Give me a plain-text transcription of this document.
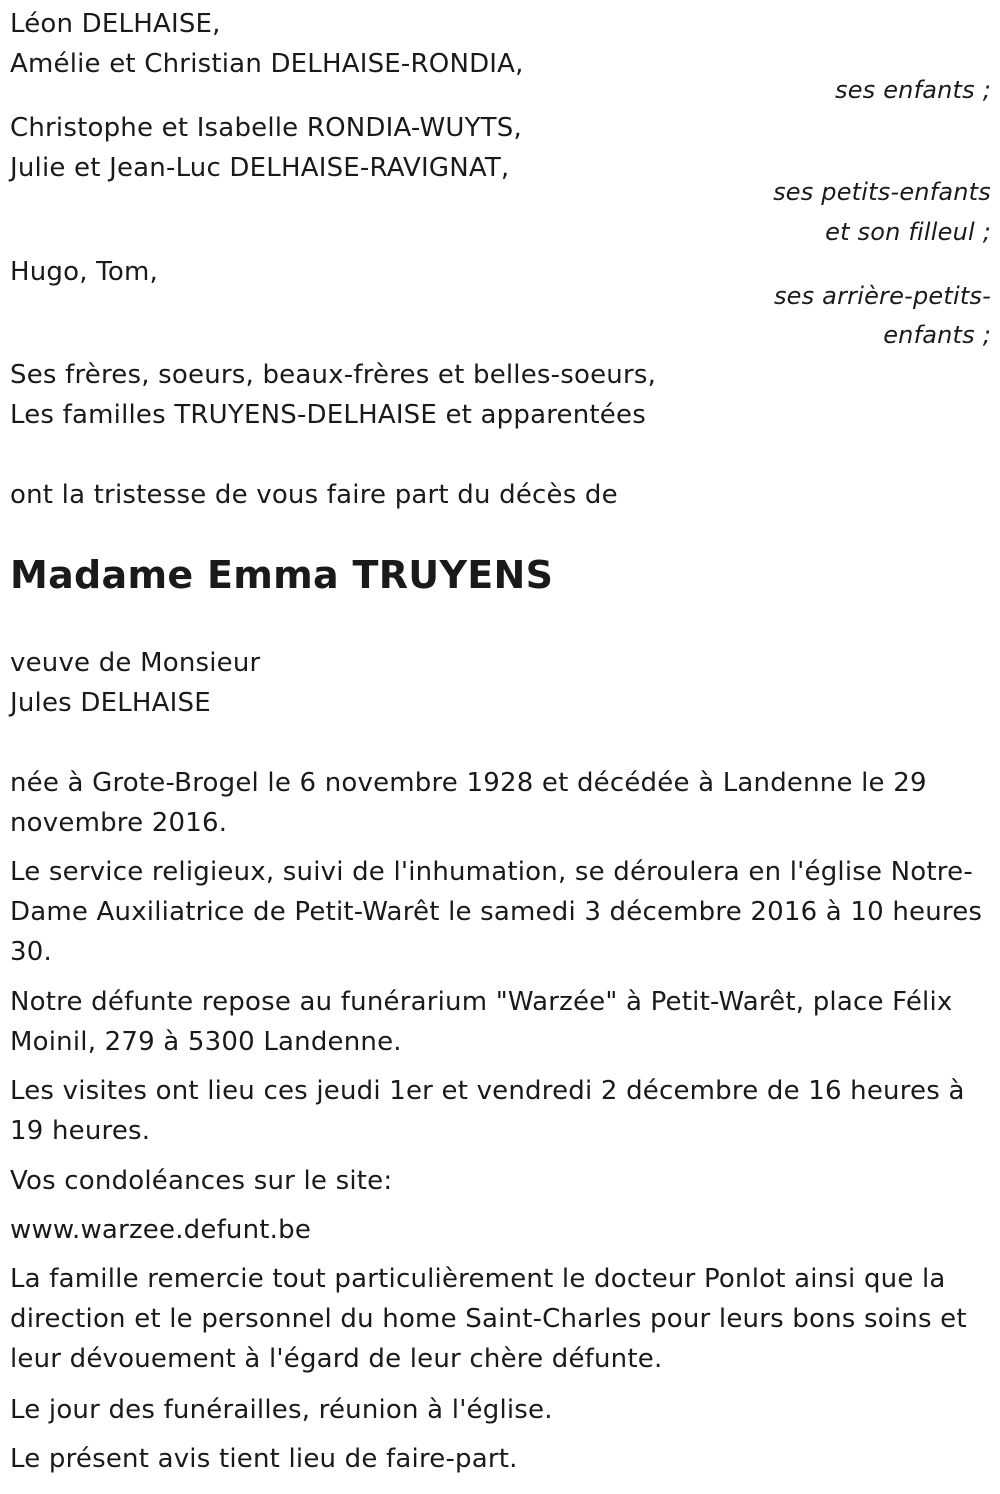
Léon DELHAISE,

Amélie et Christian DELHAISE-RONDIA,

ses enfants ;

Christophe et Isabelle RONDIA-WUYTS,

Julie et Jean-Luc DELHAISE-RAVIGNAT,

ses petits-enfants

et son filleul ;

Hugo, Tom,

ses arrière-petits-

enfants ;

Ses frères, soeurs, beaux-frères et belles-soeurs,

Les familles TRUYENS-DELHAISE et apparentées

ont la tristesse de vous faire part du décès de

Madame Emma TRUYENS

veuve de Monsieur

Jules DELHAISE

née à Grote-Brogel le 6 novembre 1928 et décédée à Landenne le 29 novembre 2016.

Le service religieux, suivi de l'inhumation, se déroulera en l'église Notre-Dame Auxiliatrice de Petit-Warêt le samedi 3 décembre 2016 à 10 heures 30.

Notre défunte repose au funérarium "Warzée" à Petit-Warêt, place Félix Moinil, 279 à 5300 Landenne.

Les visites ont lieu ces jeudi 1er et vendredi 2 décembre de 16 heures à 19 heures.

Vos condoléances sur le site:

www.warzee.defunt.be

La famille remercie tout particulièrement le docteur Ponlot ainsi que la direction et le personnel du home Saint-Charles pour leurs bons soins et leur dévouement à l'égard de leur chère défunte.

Le jour des funérailles, réunion à l'église.

Le présent avis tient lieu de faire-part.
